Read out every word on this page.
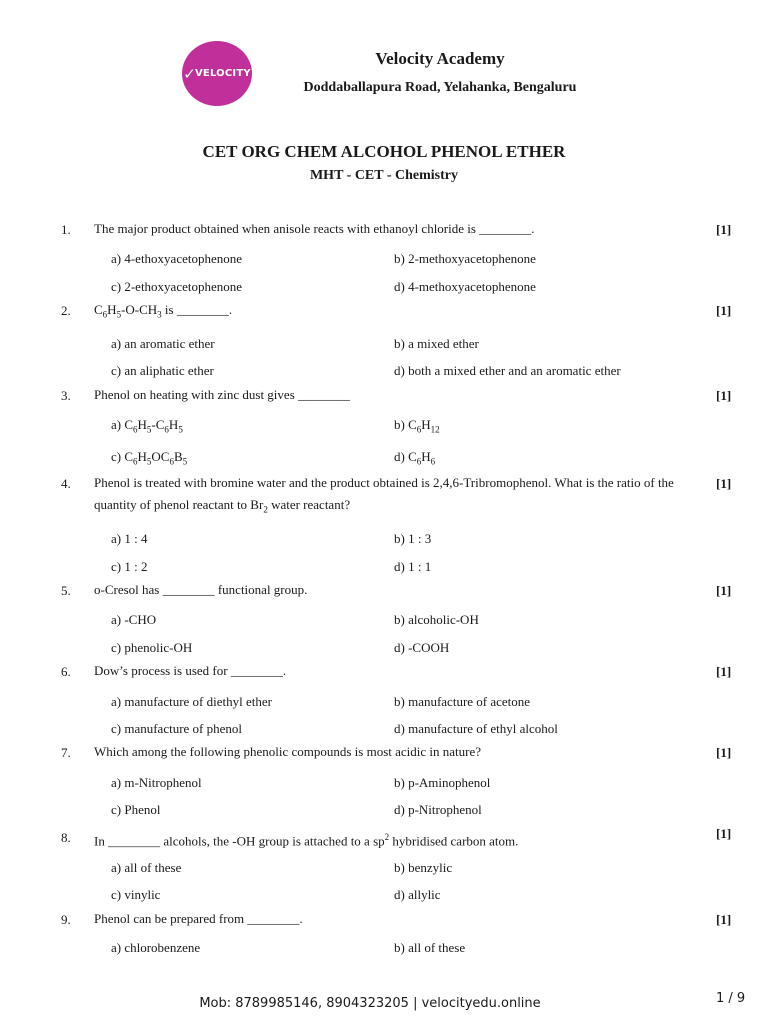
✓ VELOCITY
Velocity Academy
Doddaballapura Road, Yelahanka, Bengaluru
CET ORG CHEM ALCOHOL PHENOL ETHER
MHT - CET - Chemistry
1. The major product obtained when anisole reacts with ethanoyl chloride is ________.	[1]
a) 4-ethoxyacetophenone	b) 2-methoxyacetophenone
c) 2-ethoxyacetophenone	d) 4-methoxyacetophenone
2. $C_6H_5-O-CH_3$ is ________.	[1]
a) an aromatic ether	b) a mixed ether
c) an aliphatic ether	d) both a mixed ether and an aromatic ether
3. Phenol on heating with zinc dust gives ________	[1]
a) $C_6H_5-C_6H_5$	b) $C_6H_{12}$
c) $C_6H_5OC_6B_5$	d) $C_6H_6$
4. Phenol is treated with bromine water and the product obtained is 2,4,6-Tribromophenol. What is the ratio of the quantity of phenol reactant to $Br_2$ water reactant?
[1]
a) 1 : 4	b) 1 : 3
c) 1 : 2	d) 1 : 1
5. o-Cresol has ________ functional group.	[1]
a) -CHO	b) alcoholic-OH
c) phenolic-OH	d) -COOH
6. Dow’s process is used for ________.	[1]
a) manufacture of diethyl ether	b) manufacture of acetone
c) manufacture of phenol	d) manufacture of ethyl alcohol
7. Which among the following phenolic compounds is most acidic in nature?	[1]
a) m-Nitrophenol	b) p-Aminophenol
c) Phenol	d) p-Nitrophenol
8. In ________ alcohols, the -OH group is attached to a $sp^2$ hybridised carbon atom.	[1]
a) all of these	b) benzylic
c) vinylic	d) allylic
9. Phenol can be prepared from ________.	[1]
a) chlorobenzene	b) all of these
Mob: 8789985146, 8904323205 | velocityedu.online	1 / 9
